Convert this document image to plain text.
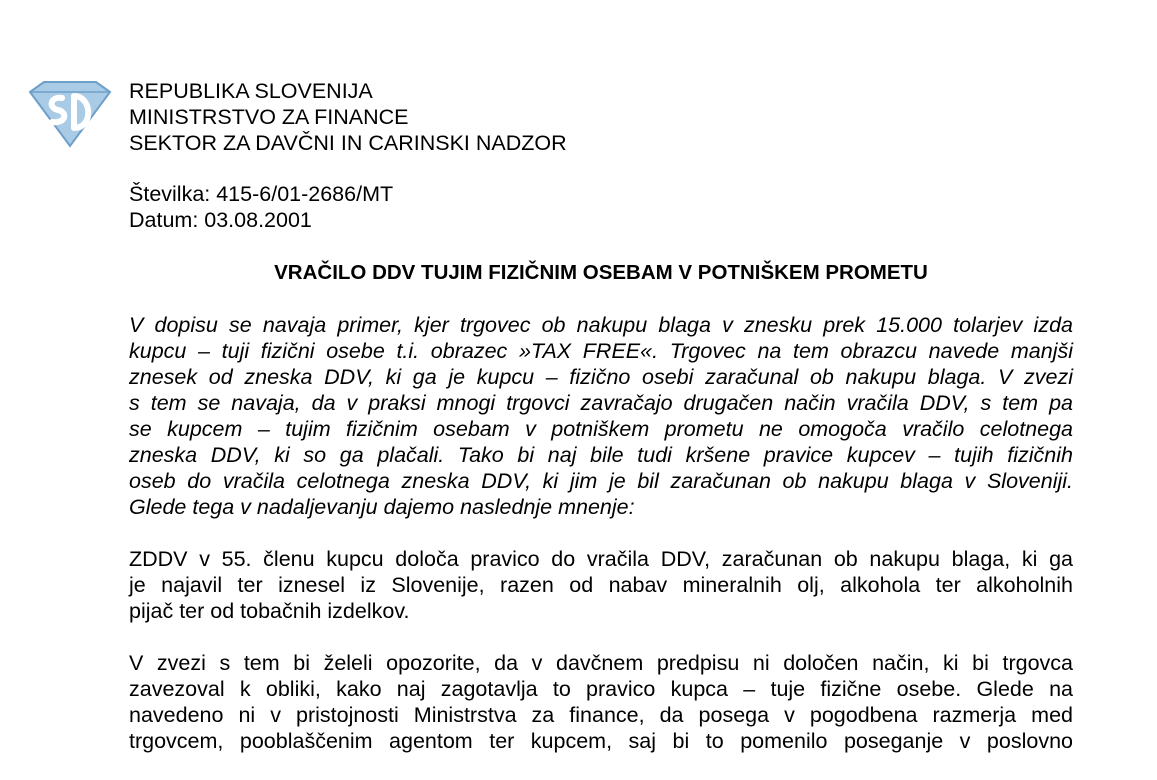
REPUBLIKA SLOVENIJA
MINISTRSTVO ZA FINANCE
SEKTOR ZA DAVČNI IN CARINSKI NADZOR
Številka: 415-6/01-2686/MT
Datum: 03.08.2001
VRAČILO DDV TUJIM FIZIČNIM OSEBAM V POTNIŠKEM PROMETU
V dopisu se navaja primer, kjer trgovec ob nakupu blaga v znesku prek 15.000 tolarjev izda
kupcu – tuji fizični osebe t.i. obrazec »TAX FREE«. Trgovec na tem obrazcu navede manjši
znesek od zneska DDV, ki ga je kupcu – fizično osebi zaračunal ob nakupu blaga. V zvezi
s tem se navaja, da v praksi mnogi trgovci zavračajo drugačen način vračila DDV, s tem pa
se kupcem – tujim fizičnim osebam v potniškem prometu ne omogoča vračilo celotnega
zneska DDV, ki so ga plačali. Tako bi naj bile tudi kršene pravice kupcev – tujih fizičnih
oseb do vračila celotnega zneska DDV, ki jim je bil zaračunan ob nakupu blaga v Sloveniji.
Glede tega v nadaljevanju dajemo naslednje mnenje:
ZDDV v 55. členu kupcu določa pravico do vračila DDV, zaračunan ob nakupu blaga, ki ga
je najavil ter iznesel iz Slovenije, razen od nabav mineralnih olj, alkohola ter alkoholnih
pijač ter od tobačnih izdelkov.
V zvezi s tem bi želeli opozorite, da v davčnem predpisu ni določen način, ki bi trgovca
zavezoval k obliki, kako naj zagotavlja to pravico kupca – tuje fizične osebe. Glede na
navedeno ni v pristojnosti Ministrstva za finance, da posega v pogodbena razmerja med
trgovcem, pooblaščenim agentom ter kupcem, saj bi to pomenilo poseganje v poslovno
